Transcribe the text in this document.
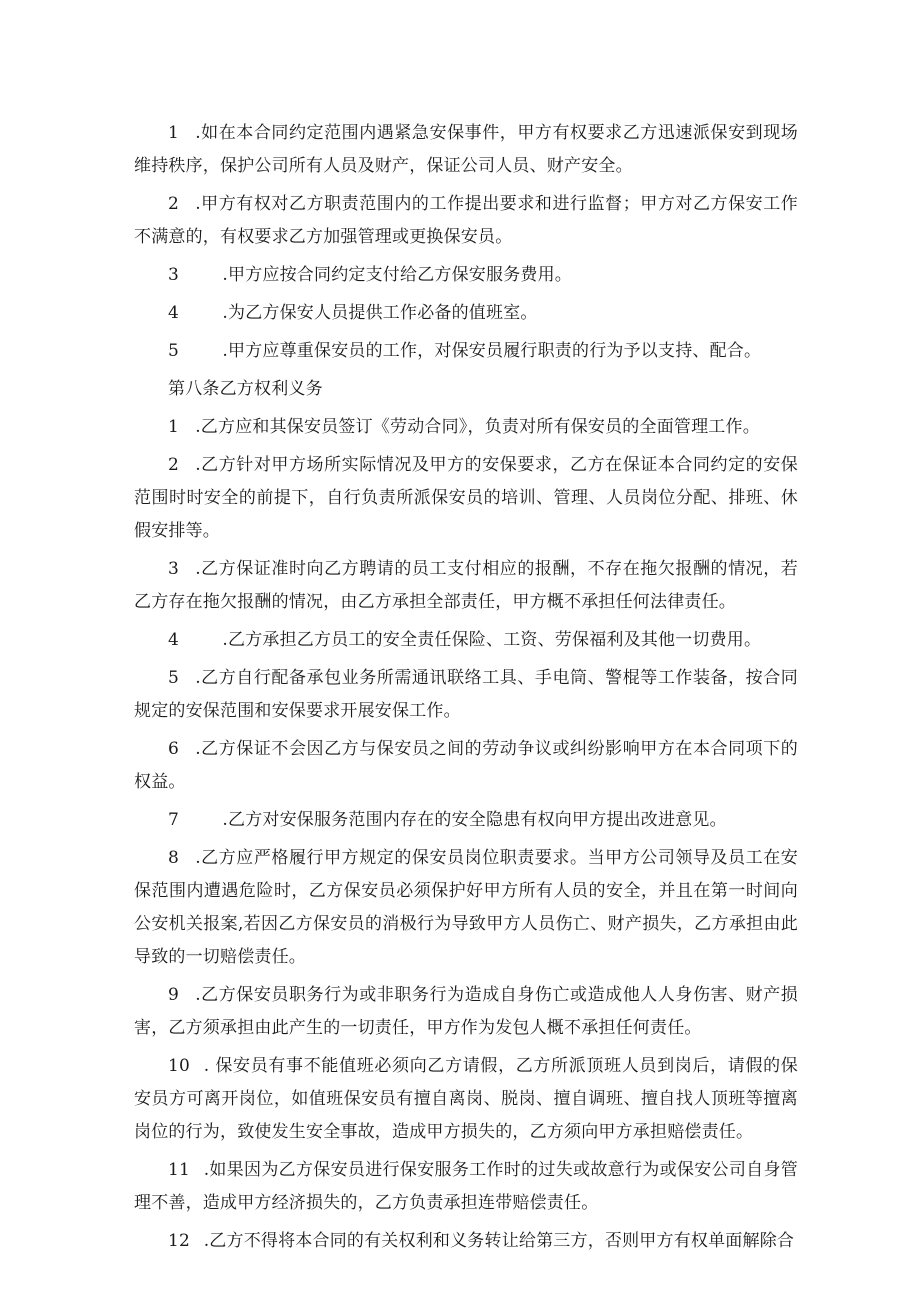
1 .如在本合同约定范围内遇紧急安保事件，甲方有权要求乙方迅速派保安到现场维持秩序，保护公司所有人员及财产，保证公司人员、财产安全。

2 .甲方有权对乙方职责范围内的工作提出要求和进行监督；甲方对乙方保安工作不满意的，有权要求乙方加强管理或更换保安员。

3	.甲方应按合同约定支付给乙方保安服务费用。

4	.为乙方保安人员提供工作必备的值班室。

5	.甲方应尊重保安员的工作，对保安员履行职责的行为予以支持、配合。

第八条乙方权利义务

1 .乙方应和其保安员签订《劳动合同》，负责对所有保安员的全面管理工作。

2 .乙方针对甲方场所实际情况及甲方的安保要求，乙方在保证本合同约定的安保范围时时安全的前提下，自行负责所派保安员的培训、管理、人员岗位分配、排班、休假安排等。

3 .乙方保证准时向乙方聘请的员工支付相应的报酬，不存在拖欠报酬的情况，若乙方存在拖欠报酬的情况，由乙方承担全部责任，甲方概不承担任何法律责任。

4	.乙方承担乙方员工的安全责任保险、工资、劳保福利及其他一切费用。

5 .乙方自行配备承包业务所需通讯联络工具、手电筒、警棍等工作装备，按合同规定的安保范围和安保要求开展安保工作。

6 .乙方保证不会因乙方与保安员之间的劳动争议或纠纷影响甲方在本合同项下的权益。

7	.乙方对安保服务范围内存在的安全隐患有权向甲方提出改进意见。

8 .乙方应严格履行甲方规定的保安员岗位职责要求。当甲方公司领导及员工在安保范围内遭遇危险时，乙方保安员必须保护好甲方所有人员的安全，并且在第一时间向公安机关报案,若因乙方保安员的消极行为导致甲方人员伤亡、财产损失，乙方承担由此导致的一切赔偿责任。

9 .乙方保安员职务行为或非职务行为造成自身伤亡或造成他人人身伤害、财产损害，乙方须承担由此产生的一切责任，甲方作为发包人概不承担任何责任。

10 . 保安员有事不能值班必须向乙方请假，乙方所派顶班人员到岗后，请假的保安员方可离开岗位，如值班保安员有擅自离岗、脱岗、擅自调班、擅自找人顶班等擅离岗位的行为，致使发生安全事故，造成甲方损失的，乙方须向甲方承担赔偿责任。

11 .如果因为乙方保安员进行保安服务工作时的过失或故意行为或保安公司自身管理不善，造成甲方经济损失的，乙方负责承担连带赔偿责任。

12 .乙方不得将本合同的有关权利和义务转让给第三方，否则甲方有权单面解除合
